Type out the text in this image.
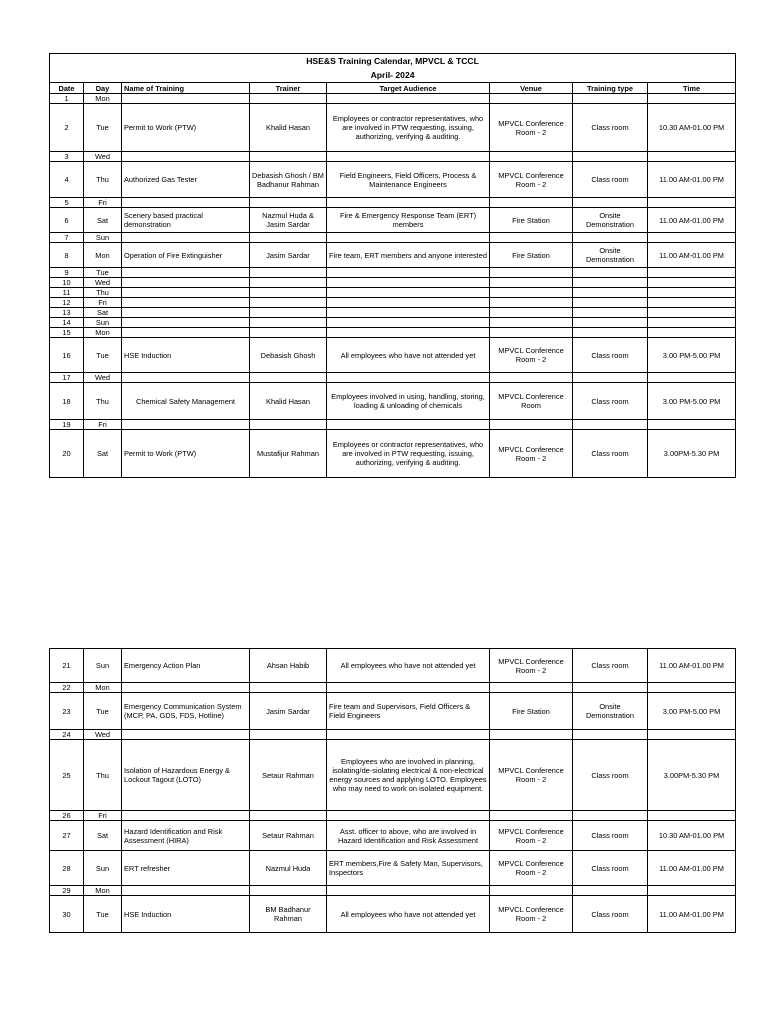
HSE&S Training Calendar, MPVCL & TCCL							
April- 2024							
Date	Day	Name of Training	Trainer	Target Audience	Venue	Training type	Time
1	Mon						
2	Tue	Permit to Work (PTW)	Khalid Hasan	Employees or contractor representatives, who are involved in PTW requesting, issuing, authorizing, verifying & auditing.	MPVCL Conference Room - 2	Class room	10.30 AM-01.00 PM
3	Wed						
4	Thu	Authorized Gas Tester	Debasish Ghosh / BM Badhanur Rahman	Field Engineers, Field Officers, Process & Maintenance Engineers	MPVCL Conference Room - 2	Class room	11.00 AM-01.00 PM
5	Fri						
6	Sat	Scenery based practical demonstration	Nazmul Huda & Jasim Sardar	Fire & Emergency Response Team (ERT) members	Fire Station	Onsite Demonstration	11.00 AM-01.00 PM
7	Sun						
8	Mon	Operation of Fire Extinguisher	Jasim Sardar	Fire team, ERT members and anyone interested	Fire Station	Onsite Demonstration	11.00 AM-01.00 PM
9	Tue						
10	Wed						
11	Thu						
12	Fri						
13	Sat						
14	Sun						
15	Mon						
16	Tue	HSE Induction	Debasish Ghosh	All employees who have not attended yet	MPVCL Conference Room - 2	Class room	3.00 PM-5.00 PM
17	Wed						
18	Thu	Chemical Safety Management	Khalid Hasan	Employees involved in using, handling, storing, loading & unloading of chemicals	MPVCL Conference Room	Class room	3.00 PM-5.00 PM
19	Fri						
20	Sat	Permit to Work (PTW)	Mustafijur Rahman	Employees or contractor representatives, who are involved in PTW requesting, issuing, authorizing, verifying & auditing.	MPVCL Conference Room - 2	Class room	3.00PM-5.30 PM
21	Sun	Emergency Action Plan	Ahsan Habib	All employees who have not attended yet	MPVCL Conference Room - 2	Class room	11.00 AM-01.00 PM
22	Mon						
23	Tue	Emergency Communication System (MCP, PA, GDS, FDS, Hotline)	Jasim Sardar	Fire team and Supervisors, Field Officers & Field Engineers	Fire Station	Onsite Demonstration	3.00 PM-5.00 PM
24	Wed						
25	Thu	Isolation of Hazardous Energy & Lockout Tagout (LOTO)	Setaur Rahman	Employees who are involved in planning, isolating/de-siolating electrical & non-electrical energy sources and applying LOTO. Employees who may need to work on isolated equipment.	MPVCL Conference Room - 2	Class room	3.00PM-5.30 PM
26	Fri						
27	Sat	Hazard Identification and Risk Assessment (HIRA)	Setaur Rahman	Asst. officer to above, who are involved in Hazard Identification and Risk Assessment	MPVCL Conference Room - 2	Class room	10.30 AM-01.00 PM
28	Sun	ERT refresher	Nazmul Huda	ERT members,Fire & Safety Man, Supervisors, Inspectors	MPVCL Conference Room - 2	Class room	11.00 AM-01.00 PM
29	Mon						
30	Tue	HSE Induction	BM Badhanur Rahman	All employees who have not attended yet	MPVCL Conference Room - 2	Class room	11.00 AM-01.00 PM
